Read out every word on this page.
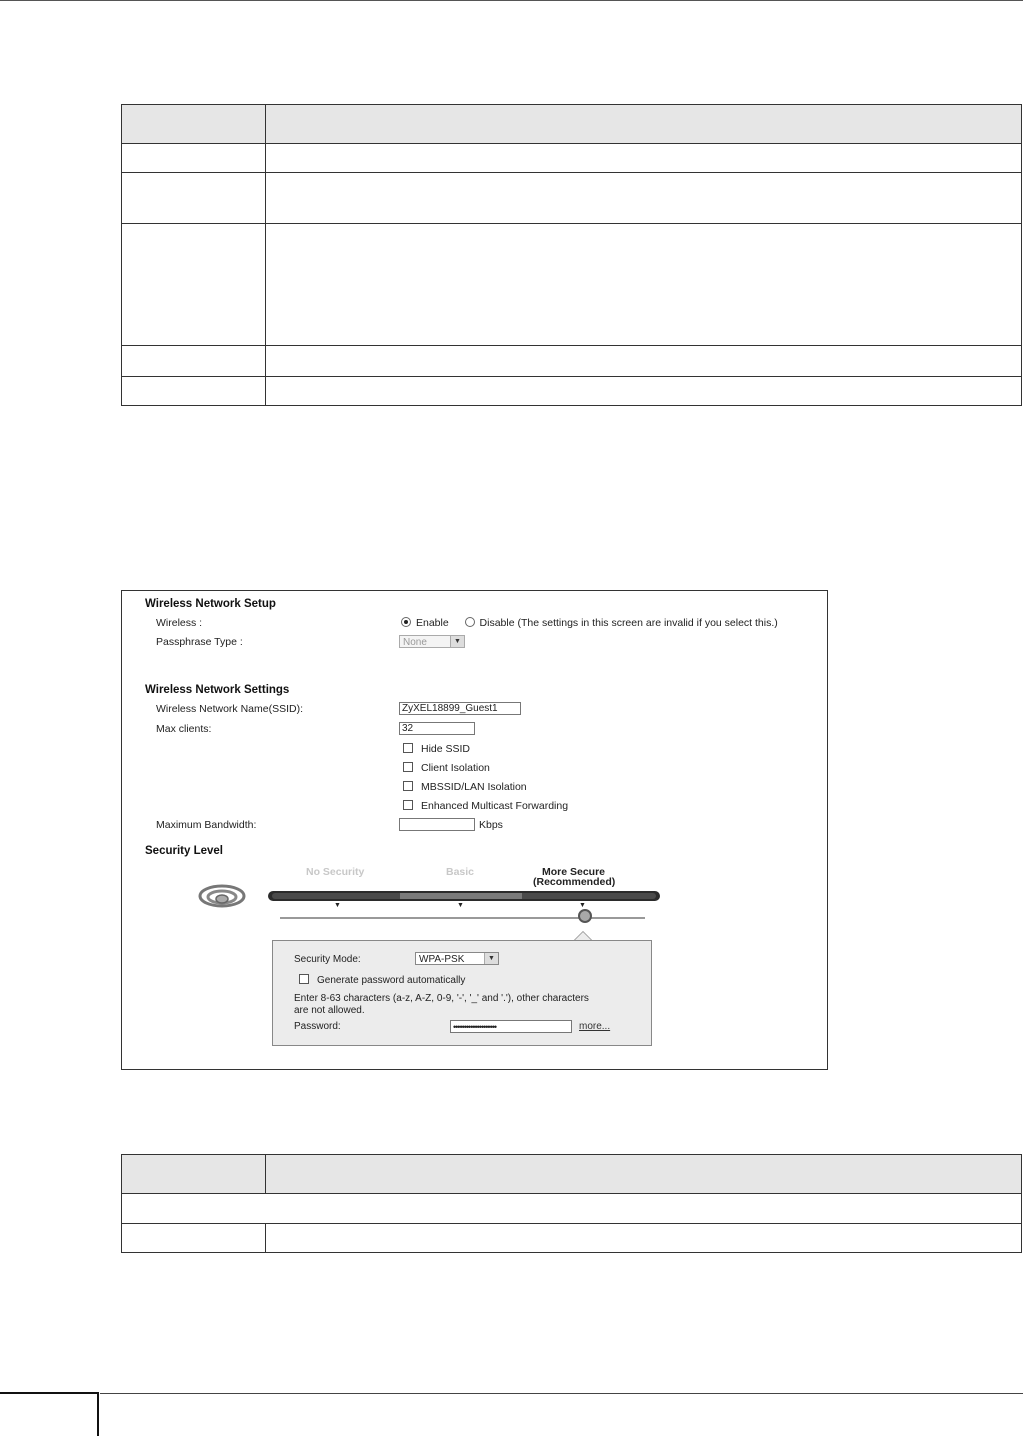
Wireless Network Setup
Wireless :	Enable	Disable (The settings in this screen are invalid if you select this.)
Passphrase Type :	None	▼
Wireless Network Settings
Wireless Network Name(SSID):	ZyXEL18899_Guest1
Max clients:	32
Hide SSID
Client Isolation
MBSSID/LAN Isolation
Enhanced Multicast Forwarding
Maximum Bandwidth:	Kbps
Security Level
No Security	Basic	More Secure
(Recommended)
▼	▼	▼
Security Mode:	WPA-PSK	▼
Generate password automatically
Enter 8-63 characters (a-z, A-Z, 0-9, '-', '_' and '.'), other characters
are not allowed.
Password:	••••••••••••••••••••	more...
